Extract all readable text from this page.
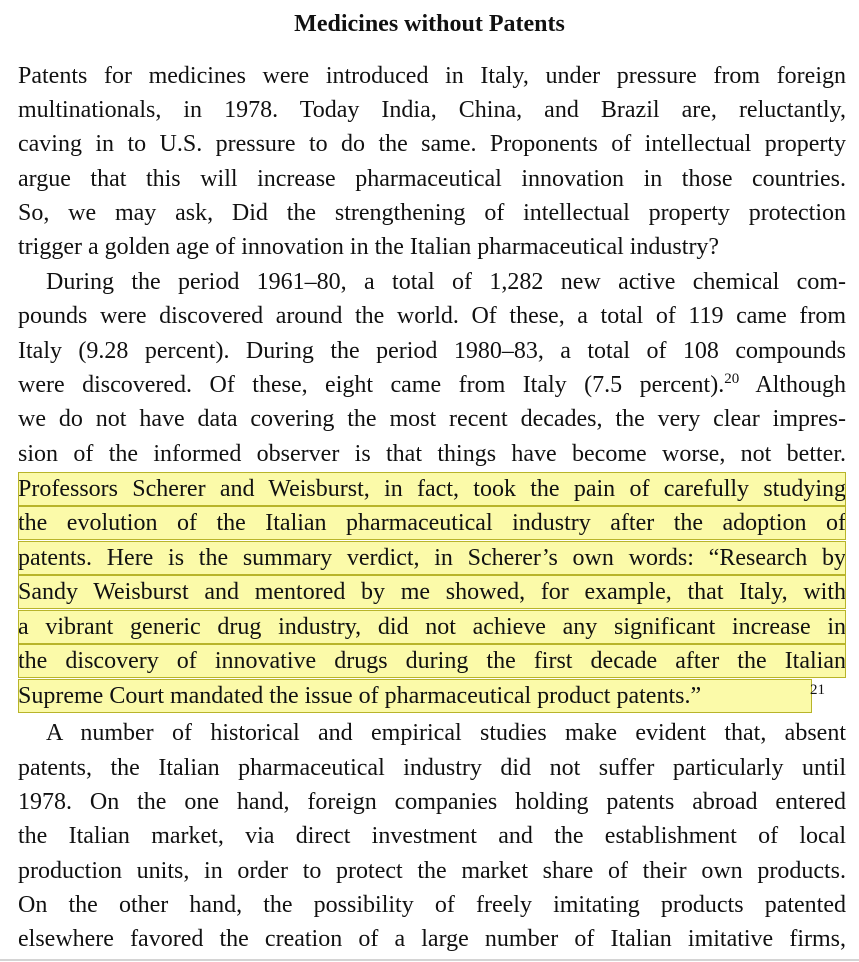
Medicines without Patents
Patents for medicines were introduced in Italy, under pressure from foreign
multinationals, in 1978. Today India, China, and Brazil are, reluctantly,
caving in to U.S. pressure to do the same. Proponents of intellectual property
argue that this will increase pharmaceutical innovation in those countries.
So, we may ask, Did the strengthening of intellectual property protection
trigger a golden age of innovation in the Italian pharmaceutical industry?
During the period 1961–80, a total of 1,282 new active chemical com-
pounds were discovered around the world. Of these, a total of 119 came from
Italy (9.28 percent). During the period 1980–83, a total of 108 compounds
were discovered. Of these, eight came from Italy (7.5 percent).$^{20}$ Although
we do not have data covering the most recent decades, the very clear impres-
sion of the informed observer is that things have become worse, not better.
Professors Scherer and Weisburst, in fact, took the pain of carefully studying
the evolution of the Italian pharmaceutical industry after the adoption of
patents. Here is the summary verdict, in Scherer’s own words: “Research by
Sandy Weisburst and mentored by me showed, for example, that Italy, with
a vibrant generic drug industry, did not achieve any significant increase in
the discovery of innovative drugs during the first decade after the Italian
Supreme Court mandated the issue of pharmaceutical product patents.”	21
A number of historical and empirical studies make evident that, absent
patents, the Italian pharmaceutical industry did not suffer particularly until
1978. On the one hand, foreign companies holding patents abroad entered
the Italian market, via direct investment and the establishment of local
production units, in order to protect the market share of their own products.
On the other hand, the possibility of freely imitating products patented
elsewhere favored the creation of a large number of Italian imitative firms,
